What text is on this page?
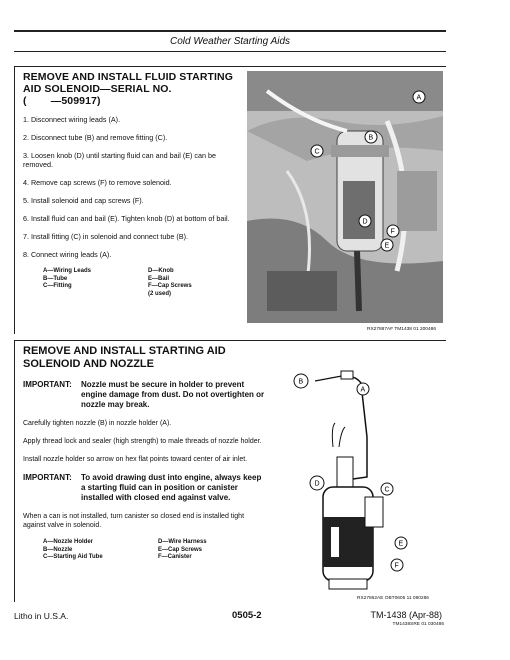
Cold Weather Starting Aids
REMOVE AND INSTALL FLUID STARTING
AID SOLENOID—SERIAL NO.
(        —509917)
1. Disconnect wiring leads (A).
2. Disconnect tube (B) and remove fitting (C).
3. Loosen knob (D) until starting fluid can and bail (E) can be removed.
4. Remove cap screws (F) to remove solenoid.
5. Install solenoid and cap screws (F).
6. Install fluid can and bail (E). Tighten knob (D) at bottom of bail.
7. Install fitting (C) in solenoid and connect tube (B).
8. Connect wiring leads (A).
A—Wiring Leads	D—Knob
B—Tube	E—Bail
C—Fitting	F—Cap Screws
(2 used)
A
B
C
D
E
F
RX27887AF TM1438 01 200486
REMOVE AND INSTALL STARTING AID
SOLENOID AND NOZZLE
IMPORTANT:	Nozzle must be secure in holder to prevent engine damage from dust. Do not overtighten or nozzle may break.
Carefully tighten nozzle (B) in nozzle holder (A).
Apply thread lock and sealer (high strength) to male threads of nozzle holder.
Install nozzle holder so arrow on hex flat points toward center of air inlet.
IMPORTANT:	To avoid drawing dust into engine, always keep a starting fluid can in position or canister installed with closed end against valve.
When a can is not installed, turn canister so closed end is installed tight against valve in solenoid.
A—Nozzle Holder	D—Wire Harness
B—Nozzle	E—Cap Screws
C—Starting Aid Tube	F—Canister
B
A
D
C
E
F
RX27862AE OBT0605 11 080286
Litho in U.S.A.	0505-2	TM-1438 (Apr-88)
TM1438SRE 01 030486
